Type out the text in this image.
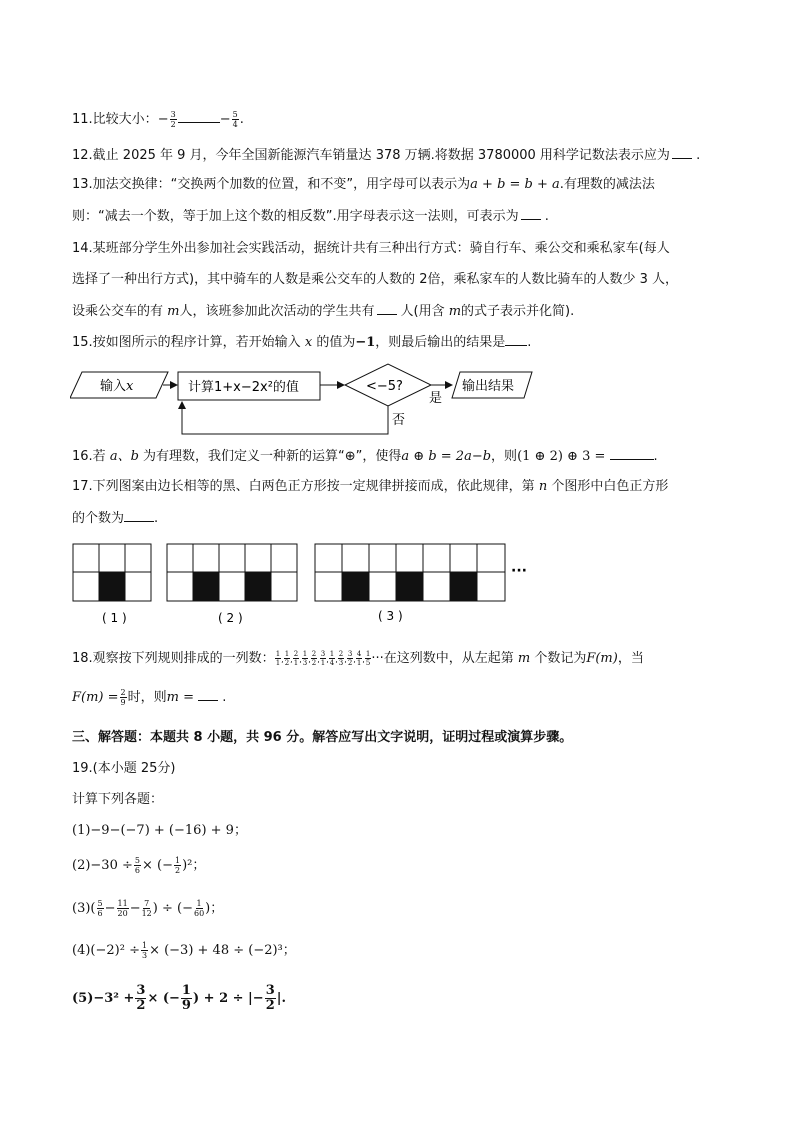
11.比较大小：− $\frac{3}{2}$	− $\frac{5}{4}$ .
12.截止 2025 年 9 月，今年全国新能源汽车销量达 378 万辆.将数据 3780000 用科学记数法表示应为 .
13.加法交换律：“交换两个加数的位置，和不变”，用字母可以表示为a + b = b + a.有理数的减法法
则：“减去一个数，等于加上这个数的相反数”.用字母表示这一法则，可表示为 .
14.某班部分学生外出参加社会实践活动，据统计共有三种出行方式：骑自行车、乘公交和乘私家车(每人
选择了一种出行方式)，其中骑车的人数是乘公交车的人数的 2倍，乘私家车的人数比骑车的人数少 3 人，
设乘公交车的有 m人，该班参加此次活动的学生共有 人(用含 m的式子表示并化简).
15.按如图所示的程序计算，若开始输入 x 的值为−1，则最后输出的结果是 .
输入x	计算1+x−2x²的值	<−5?	输出结果
是
否
16.若 a、b 为有理数，我们定义一种新的运算“⊕”，使得a ⊕ b = 2a−b，则(1 ⊕ 2) ⊕ 3 =	.
17.下列图案由边长相等的黑、白两色正方形按一定规律拼接而成，依此规律，第 n 个图形中白色正方形
的个数为 .
( 1 )	( 2 )	( 3 )
···
18.观察按下列规则排成的一列数： $\frac{1}{1}$ , $\frac{1}{2}$ , $\frac{2}{1}$ , $\frac{1}{3}$ , $\frac{2}{2}$ , $\frac{3}{1}$ , $\frac{1}{4}$ , $\frac{2}{3}$ , $\frac{3}{2}$ , $\frac{4}{1}$ , $\frac{1}{5}$ ···在这列数中，从左起第 m 个数记为F(m)，当
$F(m) = \frac{2}{9}$ 时，则m = .
三、解答题：本题共 8 小题，共 96 分。解答应写出文字说明，证明过程或演算步骤。
19.(本小题 25分)
计算下列各题：
(1)−9−(−7) + (−16) + 9；
$(2)-30 \div \frac{5}{6}$ × (− $\frac{1}{2} )^2$；
$(3)( \frac{5}{6} - \frac{11}{20} - \frac{7}{12}$ ) ÷ (− $\frac{1}{60}$ )；
$(4)(-2)^2 \div \frac{1}{3} \times (-3) + 48 \div (-2)^3$；
$(5)-3^2 + \frac{3}{2}$ × (− $\frac{1}{9}$ ) + 2 ÷ |− $\frac{3}{2}$ |.
